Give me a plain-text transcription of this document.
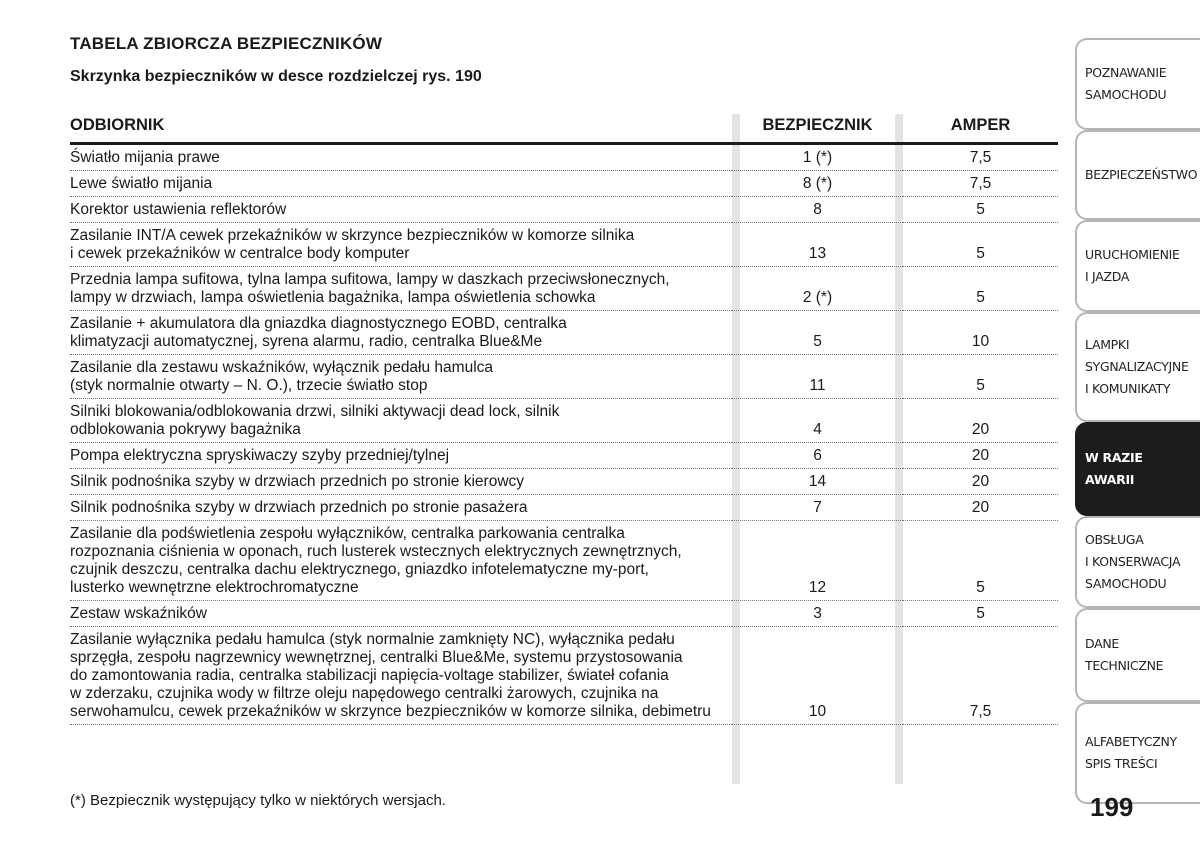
TABELA ZBIORCZA BEZPIECZNIKÓW
Skrzynka bezpieczników w desce rozdzielczej rys. 190
ODBIORNIK	BEZPIECZNIK	AMPER
Światło mijania prawe	1 (*)	7,5
Lewe światło mijania	8 (*)	7,5
Korektor ustawienia reflektorów	8	5
Zasilanie INT/A cewek przekaźników w skrzynce bezpieczników w komorze silnika
i cewek przekaźników w centralce body komputer	13	5
Przednia lampa sufitowa, tylna lampa sufitowa, lampy w daszkach przeciwsłonecznych,
lampy w drzwiach, lampa oświetlenia bagażnika, lampa oświetlenia schowka	2 (*)	5
Zasilanie + akumulatora dla gniazdka diagnostycznego EOBD, centralka
klimatyzacji automatycznej, syrena alarmu, radio, centralka Blue&Me	5	10
Zasilanie dla zestawu wskaźników, wyłącznik pedału hamulca
(styk normalnie otwarty – N. O.), trzecie światło stop	11	5
Silniki blokowania/odblokowania drzwi, silniki aktywacji dead lock, silnik
odblokowania pokrywy bagażnika	4	20
Pompa elektryczna spryskiwaczy szyby przedniej/tylnej	6	20
Silnik podnośnika szyby w drzwiach przednich po stronie kierowcy	14	20
Silnik podnośnika szyby w drzwiach przednich po stronie pasażera	7	20
Zasilanie dla podświetlenia zespołu wyłączników, centralka parkowania centralka
rozpoznania ciśnienia w oponach, ruch lusterek wstecznych elektrycznych zewnętrznych,
czujnik deszczu, centralka dachu elektrycznego, gniazdko infotelematyczne my-port,
lusterko wewnętrzne elektrochromatyczne	12	5
Zestaw wskaźników	3	5
Zasilanie wyłącznika pedału hamulca (styk normalnie zamknięty NC), wyłącznika pedału
sprzęgła, zespołu nagrzewnicy wewnętrznej, centralki Blue&Me, systemu przystosowania
do zamontowania radia, centralka stabilizacji napięcia-voltage stabilizer, świateł cofania
w zderzaku, czujnika wody w filtrze oleju napędowego centralki żarowych, czujnika na
serwohamulcu, cewek przekaźników w skrzynce bezpieczników w komorze silnika, debimetru	10	7,5
(*) Bezpiecznik występujący tylko w niektórych wersjach.
POZNAWANIE
SAMOCHODU
BEZPIECZEŃSTWO
URUCHOMIENIE
I JAZDA
LAMPKI
SYGNALIZACYJNE
I KOMUNIKATY
W RAZIE
AWARII
OBSŁUGA
I KONSERWACJA
SAMOCHODU
DANE
TECHNICZNE
ALFABETYCZNY
SPIS TREŚCI
199
